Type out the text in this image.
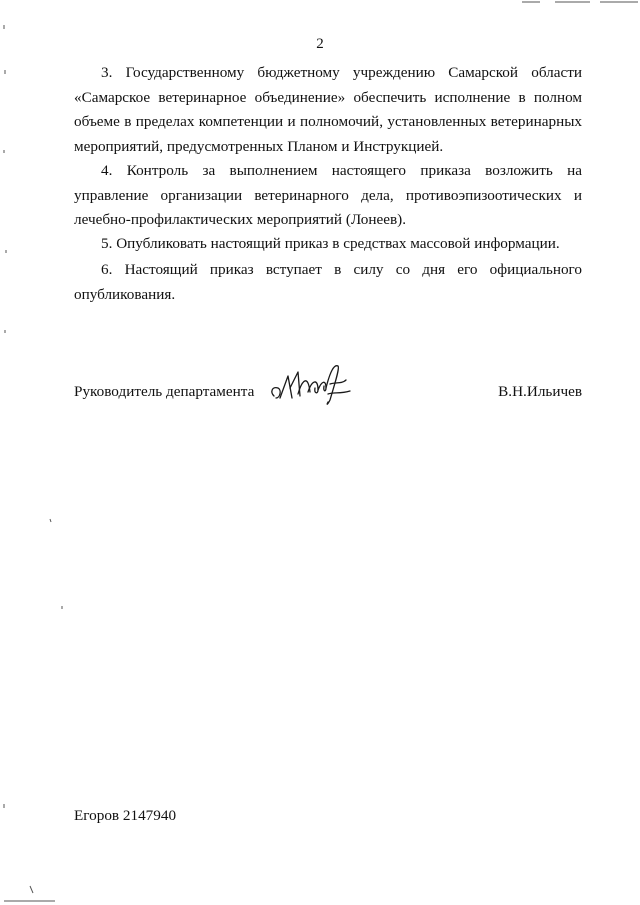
2

3. Государственному бюджетному учреждению Самарской области «Самарское ветеринарное объединение» обеспечить исполнение в полном объеме в пределах компетенции и полномочий, установленных ветеринарных мероприятий, предусмотренных Планом и Инструкцией.

4. Контроль за выполнением настоящего приказа возложить на управление организации ветеринарного дела, противоэпизоотических и лечебно-профилактических мероприятий (Лонеев).

5. Опубликовать настоящий приказ в средствах массовой информации.

6. Настоящий приказ вступает в силу со дня его официального опубликования.

Руководитель департамента	В.Н.Ильичев
Егоров 2147940
